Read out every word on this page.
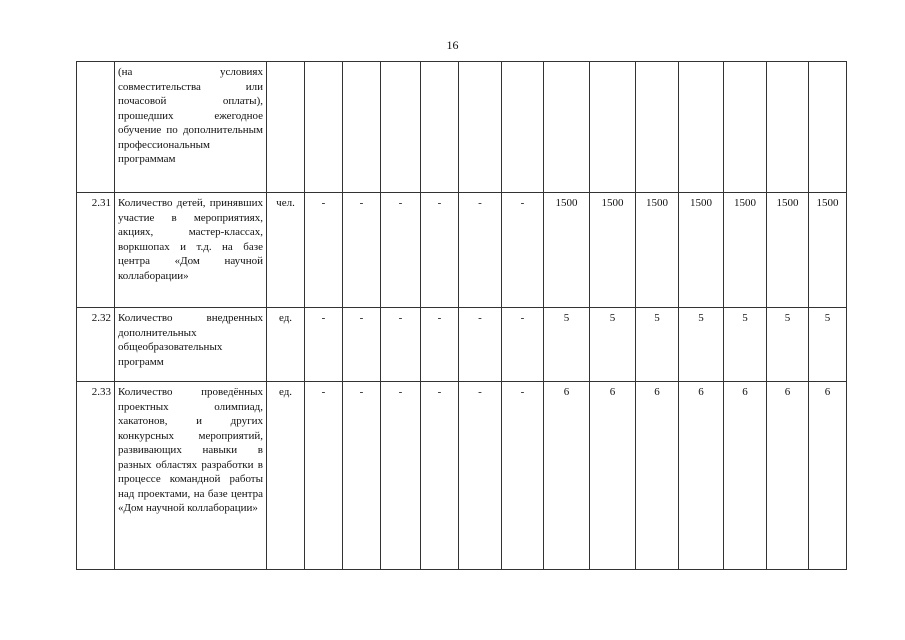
16
	(на условиях совместительства или почасовой оплаты), прошедших ежегодное обучение по дополнительным профессиональным программам														
2.31	Количество детей, принявших участие в мероприятиях, акциях, мастер-классах, воркшопах и т.д. на базе центра «Дом научной коллаборации»	чел.	-	-	-	-	-	-	1500	1500	1500	1500	1500	1500	1500
2.32	Количество внедренных дополнительных общеобразовательных программ	ед.	-	-	-	-	-	-	5	5	5	5	5	5	5
2.33	Количество проведённых проектных олимпиад, хакатонов, и других конкурсных мероприятий, развивающих навыки в разных областях разработки в процессе командной работы над проектами, на базе центра «Дом научной коллаборации»	ед.	-	-	-	-	-	-	6	6	6	6	6	6	6
